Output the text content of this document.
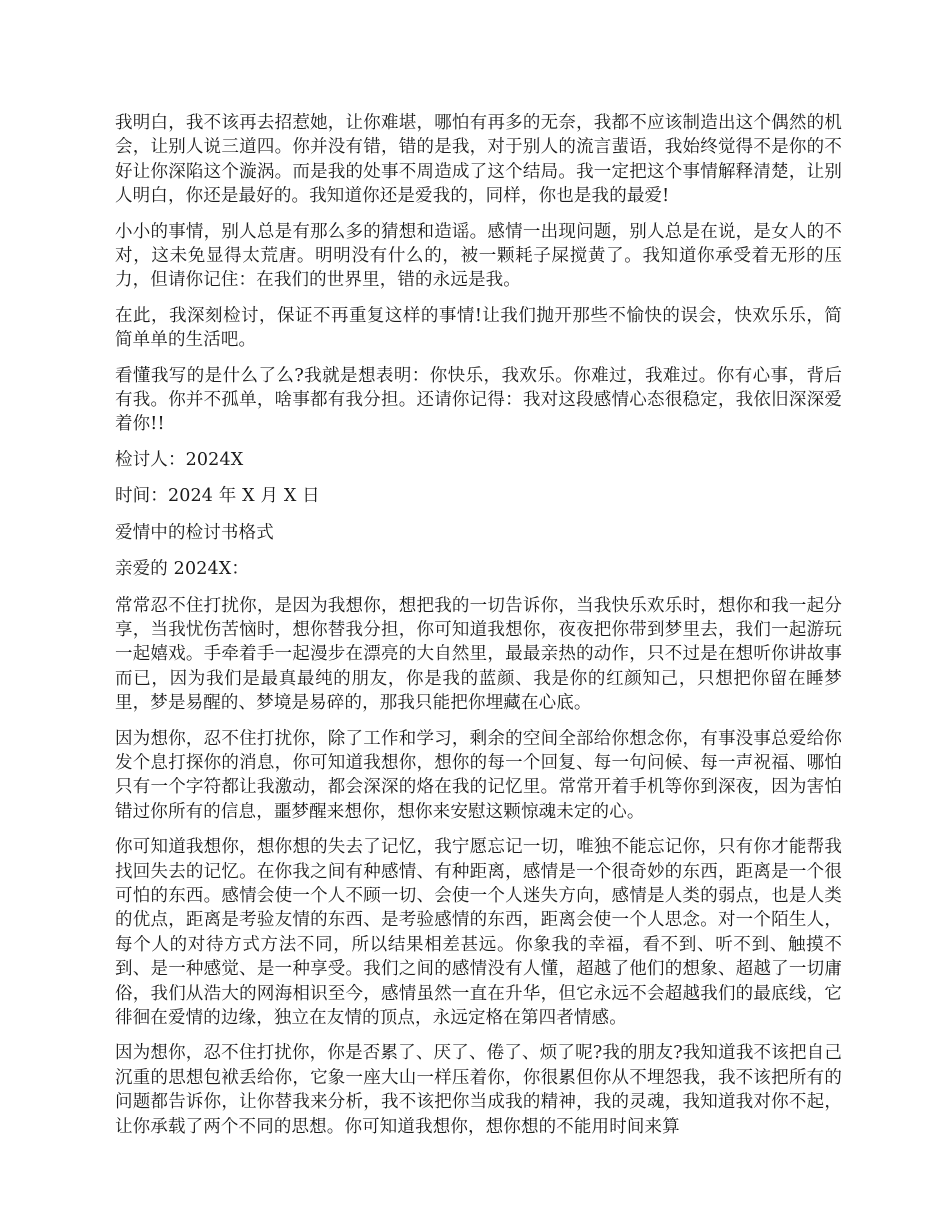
我明白，我不该再去招惹她，让你难堪，哪怕有再多的无奈，我都不应该制造出这个偶然的机会，让别人说三道四。你并没有错，错的是我，对于别人的流言蜚语，我始终觉得不是你的不好让你深陷这个漩涡。而是我的处事不周造成了这个结局。我一定把这个事情解释清楚，让别人明白，你还是最好的。我知道你还是爱我的，同样，你也是我的最爱!

小小的事情，别人总是有那么多的猜想和造谣。感情一出现问题，别人总是在说，是女人的不对，这未免显得太荒唐。明明没有什么的，被一颗耗子屎搅黄了。我知道你承受着无形的压力，但请你记住：在我们的世界里，错的永远是我。

在此，我深刻检讨，保证不再重复这样的事情!让我们抛开那些不愉快的误会，快欢乐乐，简简单单的生活吧。

看懂我写的是什么了么?我就是想表明：你快乐，我欢乐。你难过，我难过。你有心事，背后有我。你并不孤单，啥事都有我分担。还请你记得：我对这段感情心态很稳定，我依旧深深爱着你!!

检讨人：2024X

时间：2024 年 X 月 X 日

爱情中的检讨书格式

亲爱的 2024X：

常常忍不住打扰你，是因为我想你，想把我的一切告诉你，当我快乐欢乐时，想你和我一起分享，当我忧伤苦恼时，想你替我分担，你可知道我想你，夜夜把你带到梦里去，我们一起游玩一起嬉戏。手牵着手一起漫步在漂亮的大自然里，最最亲热的动作，只不过是在想听你讲故事而已，因为我们是最真最纯的朋友，你是我的蓝颜、我是你的红颜知己，只想把你留在睡梦里，梦是易醒的、梦境是易碎的，那我只能把你埋藏在心底。

因为想你，忍不住打扰你，除了工作和学习，剩余的空间全部给你想念你，有事没事总爱给你发个息打探你的消息，你可知道我想你，想你的每一个回复、每一句问候、每一声祝福、哪怕只有一个字符都让我激动，都会深深的烙在我的记忆里。常常开着手机等你到深夜，因为害怕错过你所有的信息，噩梦醒来想你，想你来安慰这颗惊魂未定的心。

你可知道我想你，想你想的失去了记忆，我宁愿忘记一切，唯独不能忘记你，只有你才能帮我找回失去的记忆。在你我之间有种感情、有种距离，感情是一个很奇妙的东西，距离是一个很可怕的东西。感情会使一个人不顾一切、会使一个人迷失方向，感情是人类的弱点，也是人类的优点，距离是考验友情的东西、是考验感情的东西，距离会使一个人思念。对一个陌生人，每个人的对待方式方法不同，所以结果相差甚远。你象我的幸福，看不到、听不到、触摸不到、是一种感觉、是一种享受。我们之间的感情没有人懂，超越了他们的想象、超越了一切庸俗，我们从浩大的网海相识至今，感情虽然一直在升华，但它永远不会超越我们的最底线，它徘徊在爱情的边缘，独立在友情的顶点，永远定格在第四者情感。

因为想你，忍不住打扰你，你是否累了、厌了、倦了、烦了呢?我的朋友?我知道我不该把自己沉重的思想包袱丢给你，它象一座大山一样压着你，你很累但你从不埋怨我，我不该把所有的问题都告诉你，让你替我来分析，我不该把你当成我的精神，我的灵魂，我知道我对你不起，让你承载了两个不同的思想。你可知道我想你，想你想的不能用时间来算
